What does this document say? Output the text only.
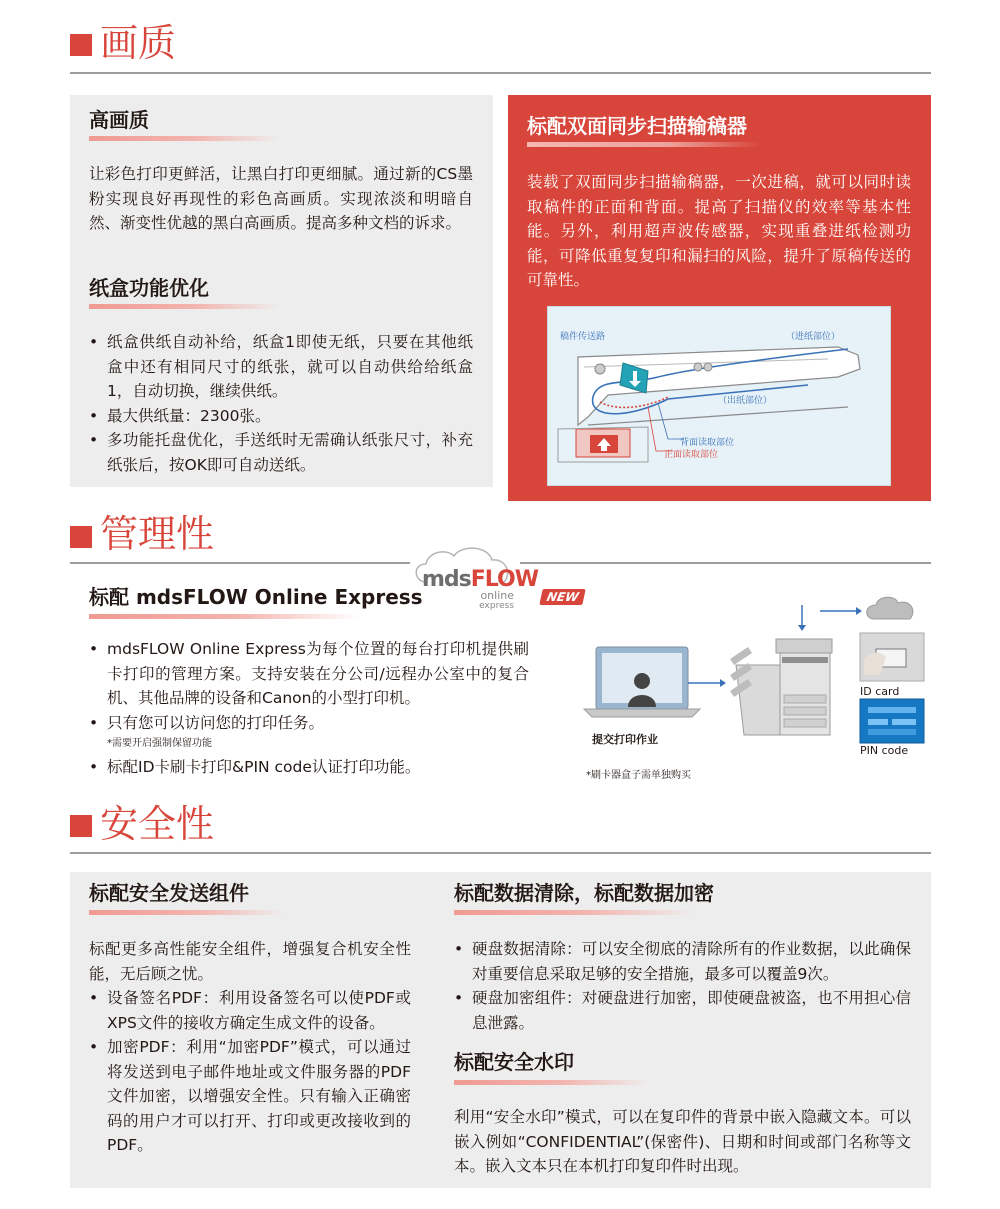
画质
高画质
让彩色打印更鲜活，让黑白打印更细腻。通过新的CS墨粉实现良好再现性的彩色高画质。实现浓淡和明暗自然、渐变性优越的黑白高画质。提高多种文档的诉求。
纸盒功能优化
• 纸盒供纸自动补给，纸盒1即使无纸，只要在其他纸盒中还有相同尺寸的纸张，就可以自动供给给纸盒1，自动切换，继续供纸。
• 最大供纸量：2300张。
• 多功能托盘优化，手送纸时无需确认纸张尺寸，补充纸张后，按OK即可自动送纸。
标配双面同步扫描输稿器
装载了双面同步扫描输稿器，一次进稿，就可以同时读取稿件的正面和背面。提高了扫描仪的效率等基本性能。另外，利用超声波传感器，实现重叠进纸检测功能，可降低重复复印和漏扫的风险，提升了原稿传送的可靠性。
稿件传送路	（进纸部位）
（出纸部位）
背面读取部位
正面读取部位
管理性
mdsFLOW
online
express
标配 mdsFLOW Online Express	NEW
• mdsFLOW Online Express为每个位置的每台打印机提供刷卡打印的管理方案。支持安装在分公司/远程办公室中的复合机、其他品牌的设备和Canon的小型打印机。
• 只有您可以访问您的打印任务。
*需要开启强制保留功能
• 标配ID卡刷卡打印&PIN code认证打印功能。
提交打印作业
ID card
PIN code
*刷卡器盒子需单独购买
安全性
标配安全发送组件
标配更多高性能安全组件，增强复合机安全性能，无后顾之忧。
• 设备签名PDF：利用设备签名可以使PDF或XPS文件的接收方确定生成文件的设备。
• 加密PDF：利用“加密PDF”模式，可以通过将发送到电子邮件地址或文件服务器的PDF文件加密，以增强安全性。只有输入正确密码的用户才可以打开、打印或更改接收到的PDF。
标配数据清除，标配数据加密
• 硬盘数据清除：可以安全彻底的清除所有的作业数据，以此确保对重要信息采取足够的安全措施，最多可以覆盖9次。
• 硬盘加密组件：对硬盘进行加密，即使硬盘被盗，也不用担心信息泄露。
标配安全水印
利用“安全水印”模式，可以在复印件的背景中嵌入隐藏文本。可以嵌入例如“CONFIDENTIAL”(保密件)、日期和时间或部门名称等文本。嵌入文本只在本机打印复印件时出现。
